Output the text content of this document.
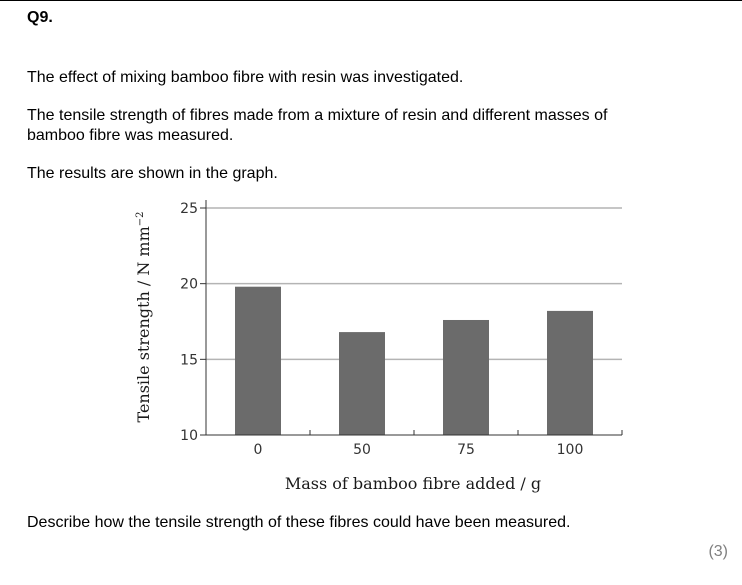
Q9.
The effect of mixing bamboo fibre with resin was investigated.
The tensile strength of fibres made from a mixture of resin and different masses of
bamboo fibre was measured.
The results are shown in the graph.
10
15
20
25
0	50	75	100
Tensile strength / N $mm^{-2}$
Mass of bamboo fibre added / g
Describe how the tensile strength of these fibres could have been measured.
(3)
